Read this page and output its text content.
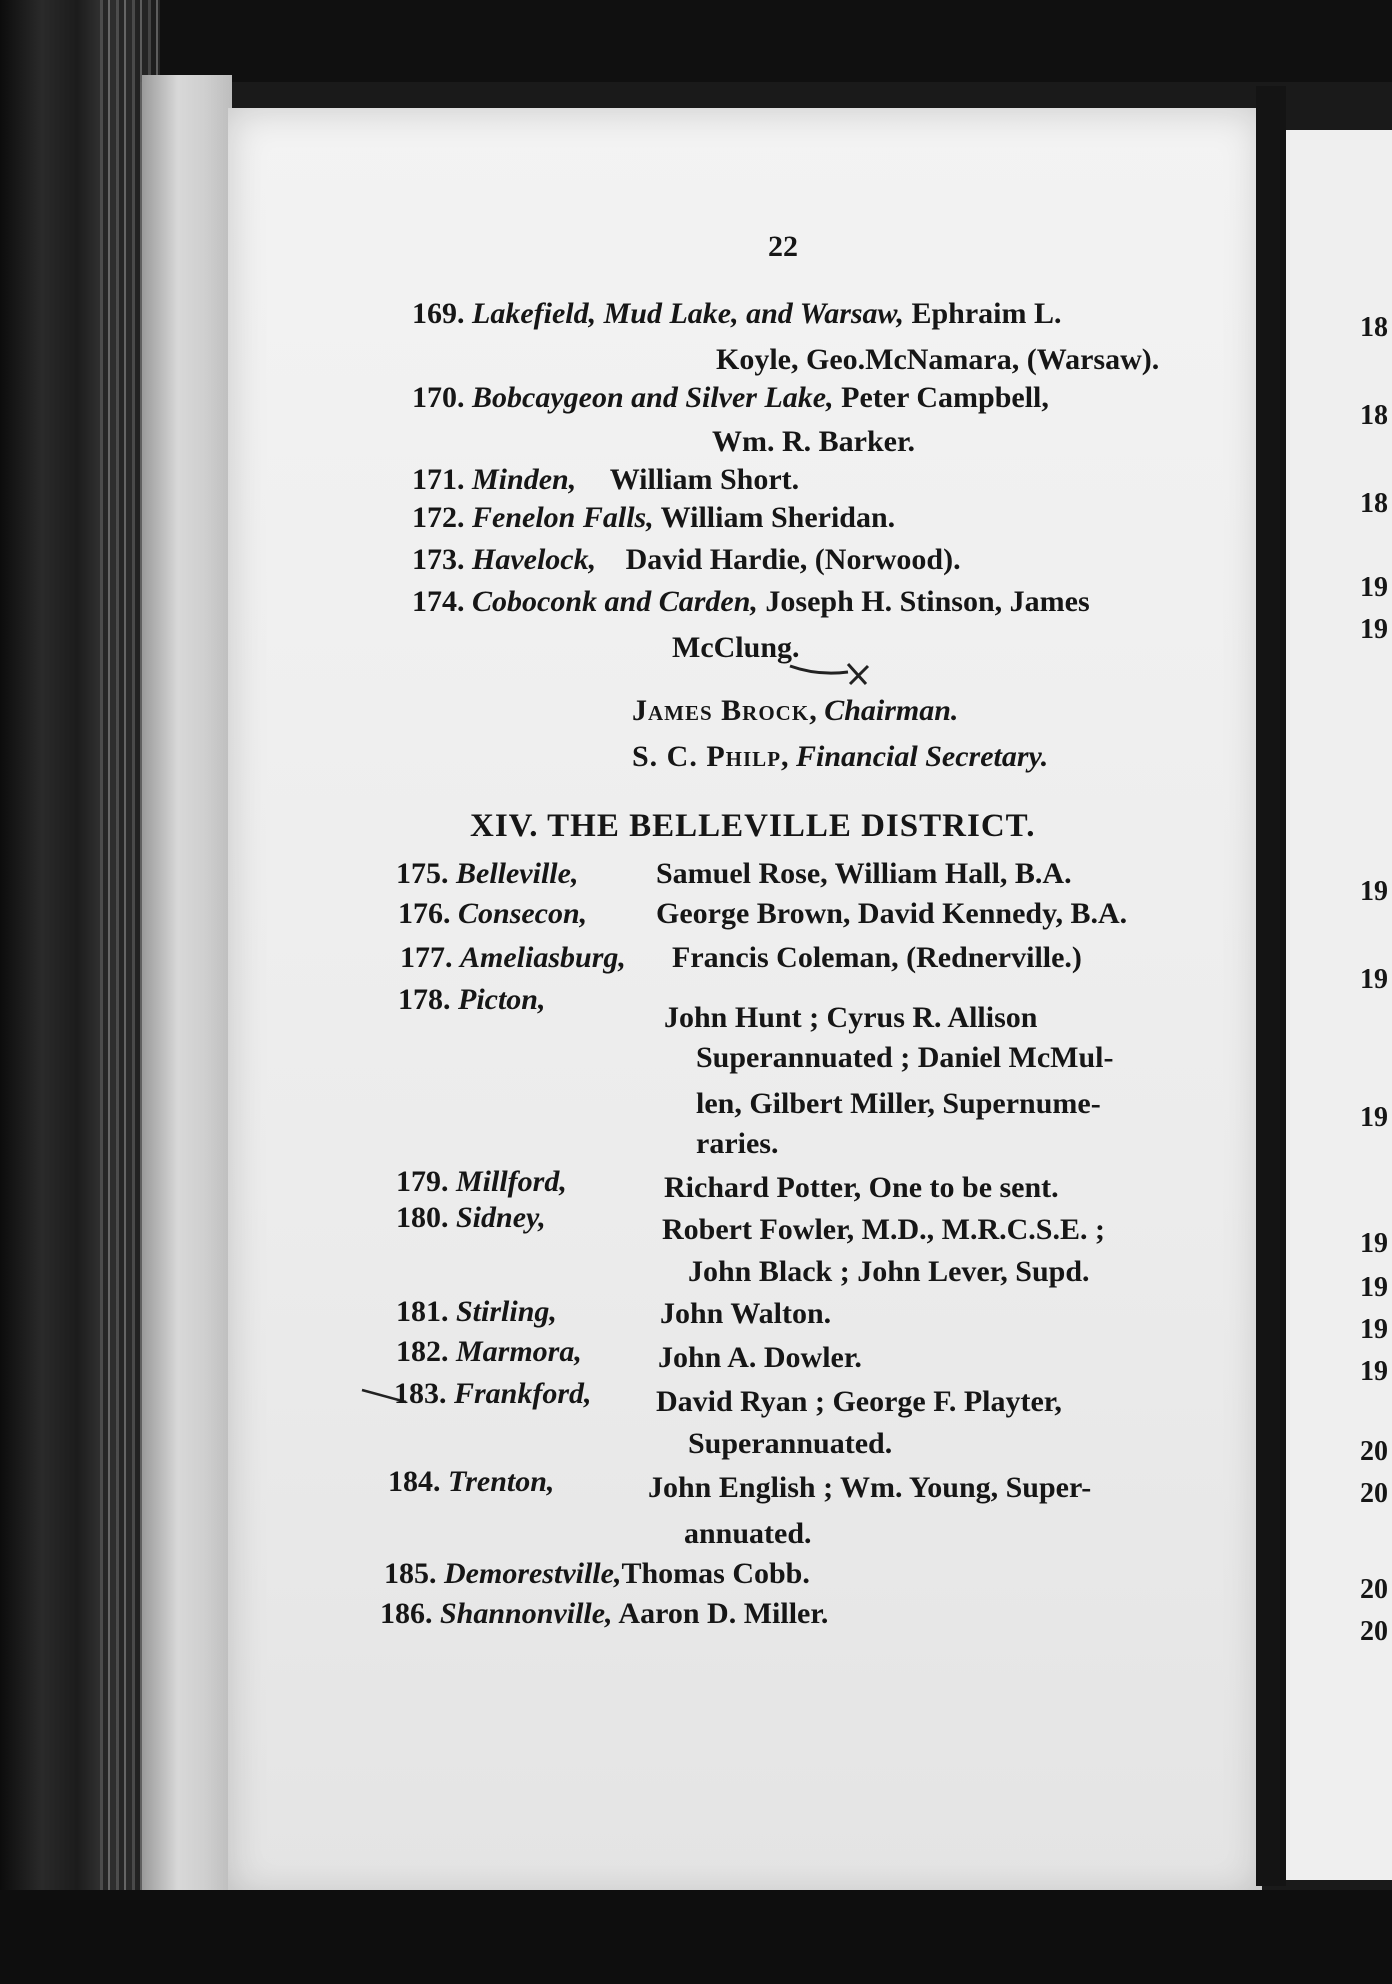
22
169. Lakefield, Mud Lake, and Warsaw, Ephraim L.
Koyle, Geo.McNamara, (Warsaw).
170. Bobcaygeon and Silver Lake, Peter Campbell,
Wm. R. Barker.
171. Minden, William Short.
172. Fenelon Falls, William Sheridan.
173. Havelock, David Hardie, (Norwood).
174. Coboconk and Carden, Joseph H. Stinson, James
McClung.
James Brock, Chairman.
S. C. Philp, Financial Secretary.
XIV. THE BELLEVILLE DISTRICT.
175. Belleville,	Samuel Rose, William Hall, B.A.
176. Consecon, George Brown, David Kennedy, B.A.
177. Ameliasburg, Francis Coleman, (Rednerville.)
178. Picton,
John Hunt ; Cyrus R. Allison
Superannuated ; Daniel McMul-
len, Gilbert Miller, Supernume-
raries.
179. Millford,	Richard Potter, One to be sent.
180. Sidney,	Robert Fowler, M.D., M.R.C.S.E. ;
John Black ; John Lever, Supd.
181. Stirling,	John Walton.
182. Marmora,	John A. Dowler.
183. Frankford, David Ryan ; George F. Playter,
Superannuated.
184. Trenton,	John English ; Wm. Young, Super-
annuated.
185. Demorestville,Thomas Cobb.
186. Shannonville, Aaron D. Miller.
18
18
18
19
19
19
19
19
19
19
19
19
20
20
20
20
